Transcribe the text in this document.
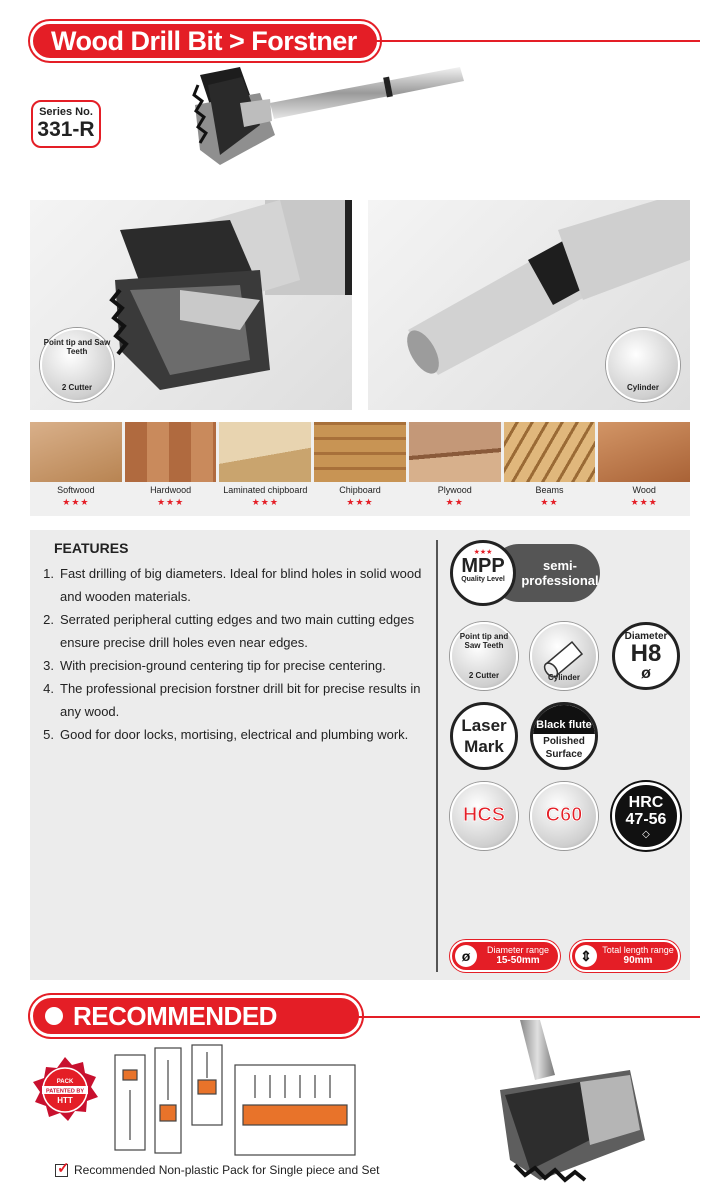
Wood Drill Bit > Forstner Bit
Series No.
331-R
Point tip and Saw Teeth
2 Cutter	Cylinder
Softwood
★★★
Hardwood
★★★
Laminated chipboard
★★★
Chipboard
★★★
Plywood
★★
Beams
★★
Wood
★★★
FEATURES
1. Fast drilling of big diameters. Ideal for blind holes in solid wood and wooden materials.
2. Serrated peripheral cutting edges and two main cutting edges ensure precise drill holes even near edges.
3. With precision-ground centering tip for precise centering.
4. The professional precision forstner drill bit for precise results in any wood.
5. Good for door locks, mortising, electrical and plumbing work.
semi-professional
★★★
MPP
Quality Level
Point tip and Saw Teeth
2 Cutter	Cylinder
Diameter
H8
ø
Laser
Mark
Black flute
Polished
Surface
HCS	C60
HRC
47-56
◇
ø	Diameter range
15-50mm	⇕	Total length range
90mm
RECOMMENDED PACKING
PACK
PATENTED BY
HTT
✓
Recommended Non-plastic Pack for Single piece and Set
